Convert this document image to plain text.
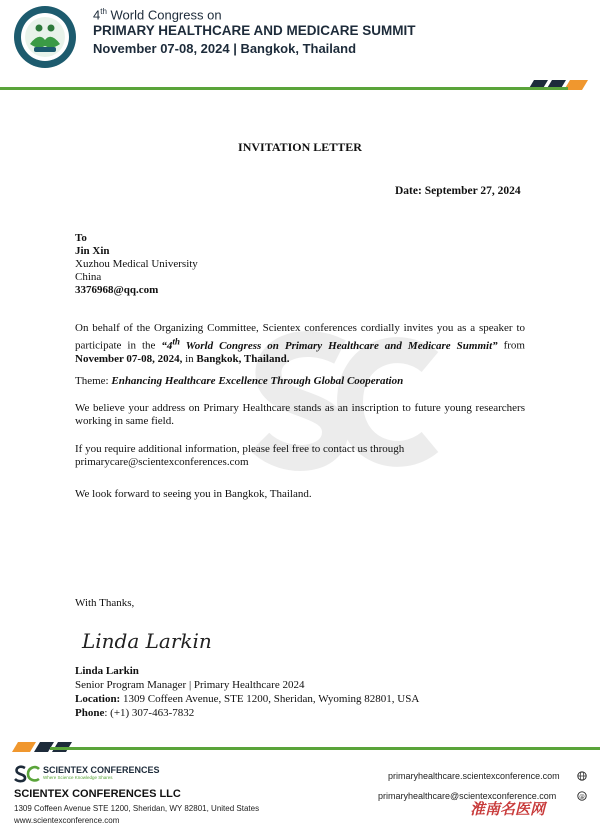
4th World Congress on
PRIMARY HEALTHCARE AND MEDICARE SUMMIT
November 07-08, 2024 | Bangkok, Thailand
INVITATION LETTER
Date: September 27, 2024
To
Jin Xin
Xuzhou Medical University
China
3376968@qq.com
On behalf of the Organizing Committee, Scientex conferences cordially invites you as a speaker to participate in the “4th World Congress on Primary Healthcare and Medicare Summit” from November 07-08, 2024, in Bangkok, Thailand.
Theme: Enhancing Healthcare Excellence Through Global Cooperation
We believe your address on Primary Healthcare stands as an inscription to future young researchers working in same field.
If you require additional information, please feel free to contact us through
primarycare@scientexconferences.com
We look forward to seeing you in Bangkok, Thailand.
With Thanks,
Linda Larkin
Linda Larkin
Senior Program Manager | Primary Healthcare 2024
Location: 1309 Coffeen Avenue, STE 1200, Sheridan, Wyoming 82801, USA
Phone: (+1) 307-463-7832
SCIENTEX CONFERENCES
Where Science Knowledge Shares
SCIENTEX CONFERENCES LLC
1309 Coffeen Avenue STE 1200, Sheridan, WY 82801, United States
www.scientexconference.com
primaryhealthcare.scientexconference.com
primaryhealthcare@scientexconference.com	@
淮南名医网
